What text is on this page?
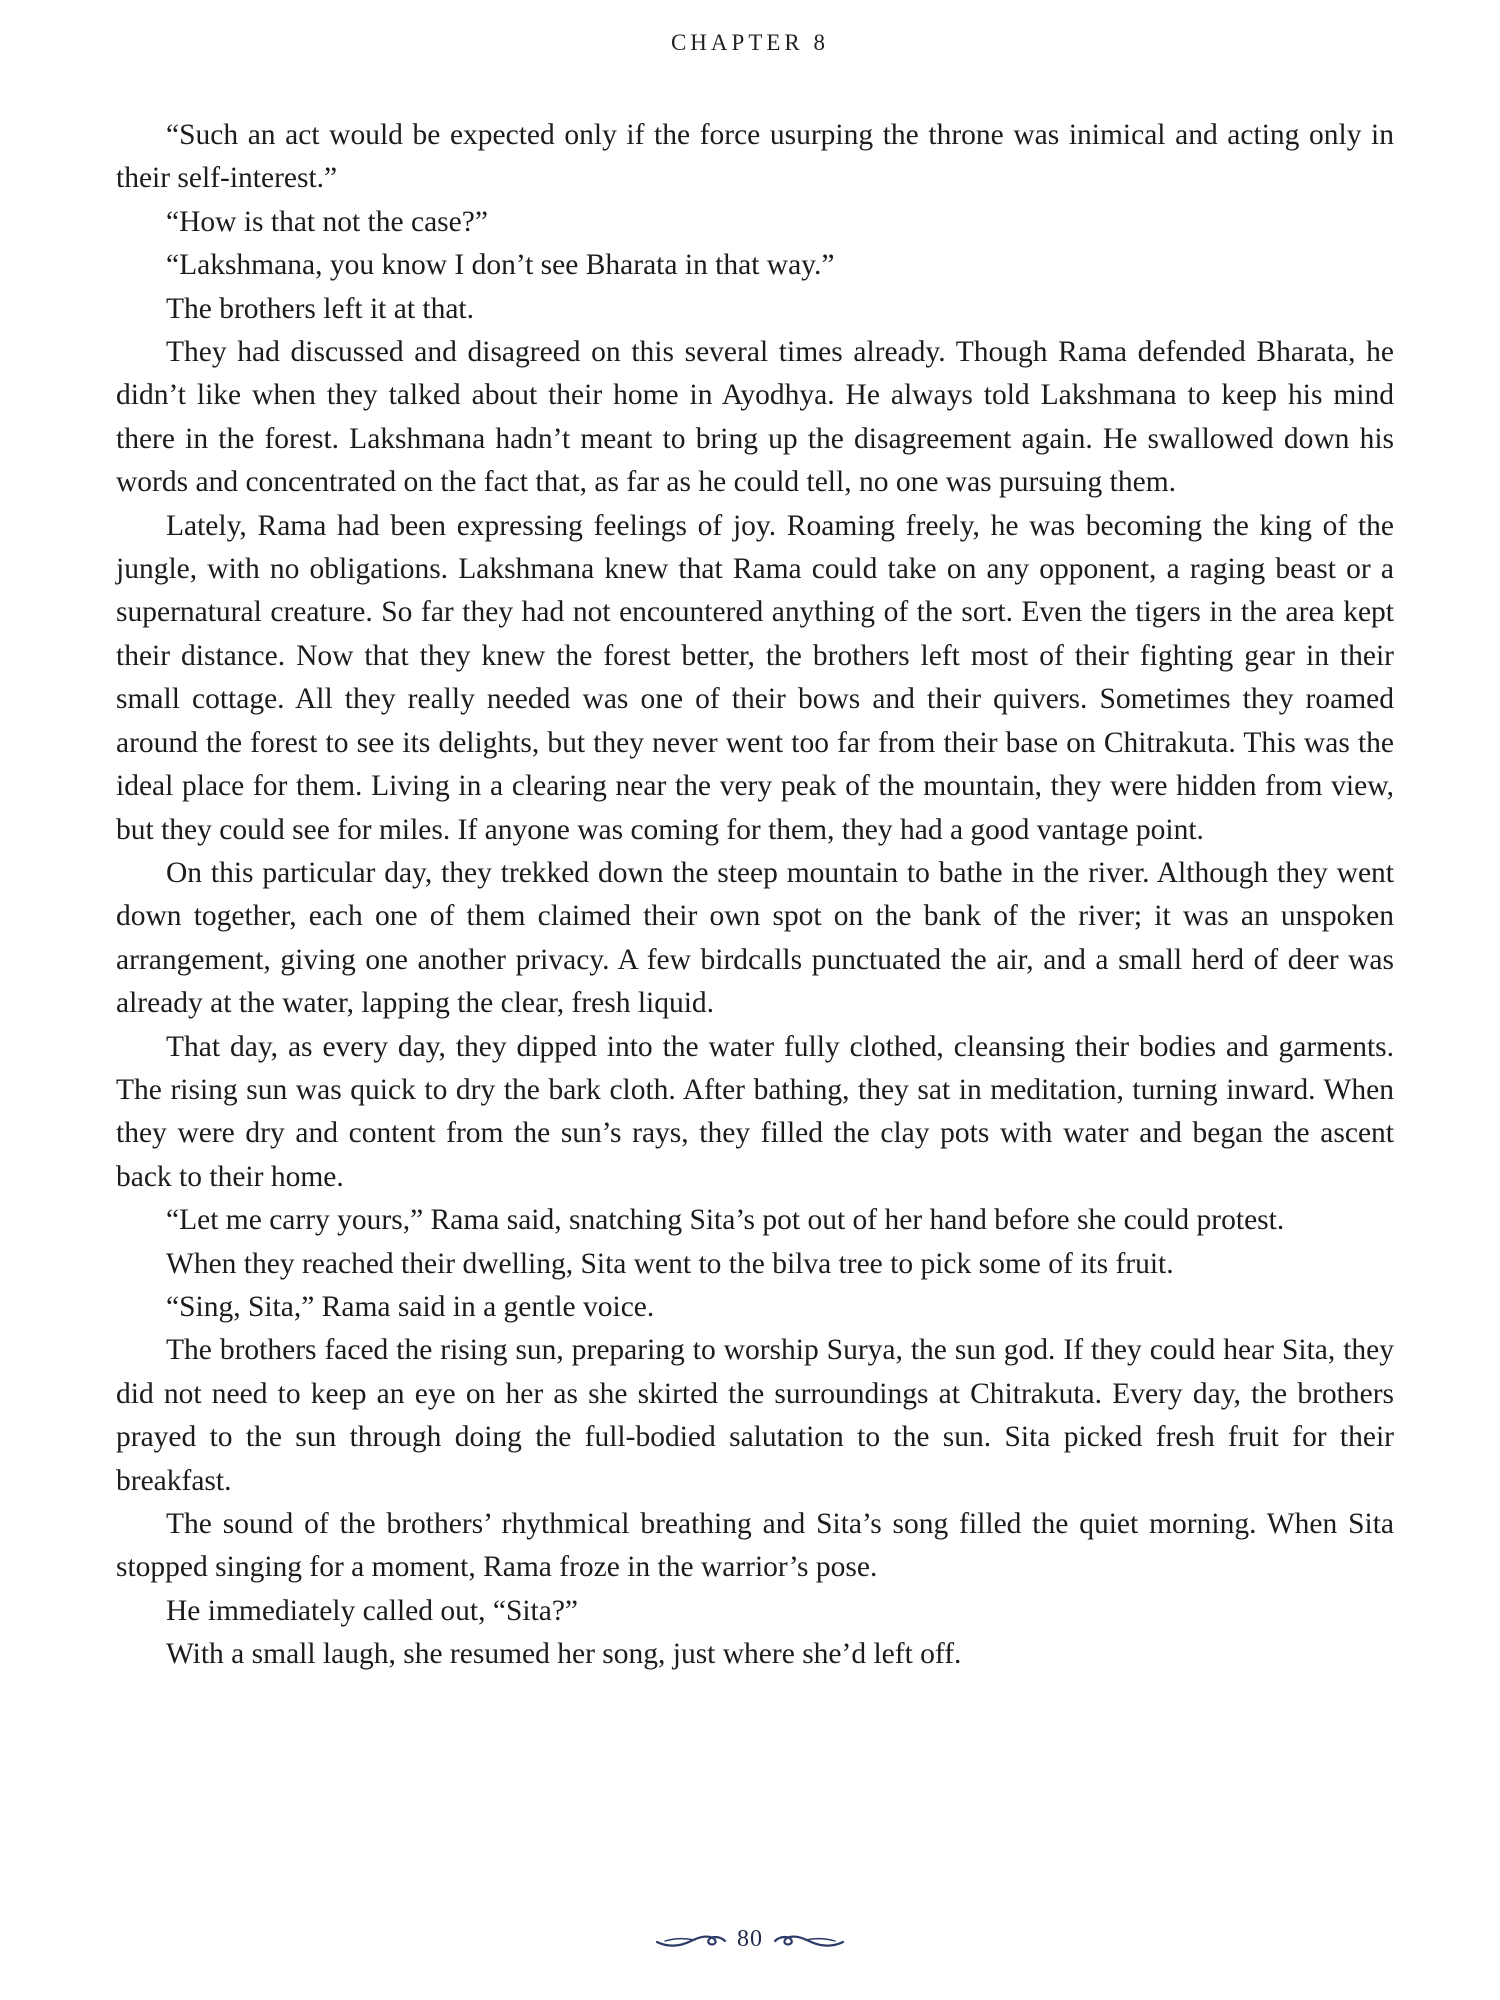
CHAPTER 8

“Such an act would be expected only if the force usurping the throne was inimical and acting only in their self-interest.”

“How is that not the case?”

“Lakshmana, you know I don’t see Bharata in that way.”

The brothers left it at that.

They had discussed and disagreed on this several times already. Though Rama defended Bharata, he didn’t like when they talked about their home in Ayodhya. He always told Lakshmana to keep his mind there in the forest. Lakshmana hadn’t meant to bring up the disagreement again. He swallowed down his words and concentrated on the fact that, as far as he could tell, no one was pursuing them.

Lately, Rama had been expressing feelings of joy. Roaming freely, he was becoming the king of the jungle, with no obligations. Lakshmana knew that Rama could take on any opponent, a raging beast or a supernatural creature. So far they had not encountered anything of the sort. Even the tigers in the area kept their distance. Now that they knew the forest better, the brothers left most of their fighting gear in their small cottage. All they really needed was one of their bows and their quivers. Sometimes they roamed around the forest to see its delights, but they never went too far from their base on Chitrakuta. This was the ideal place for them. Living in a clearing near the very peak of the mountain, they were hidden from view, but they could see for miles. If anyone was coming for them, they had a good vantage point.

On this particular day, they trekked down the steep mountain to bathe in the river. Although they went down together, each one of them claimed their own spot on the bank of the river; it was an unspoken arrangement, giving one another privacy. A few birdcalls punctuated the air, and a small herd of deer was already at the water, lapping the clear, fresh liquid.

That day, as every day, they dipped into the water fully clothed, cleansing their bodies and garments. The rising sun was quick to dry the bark cloth. After bathing, they sat in meditation, turning inward. When they were dry and content from the sun’s rays, they filled the clay pots with water and began the ascent back to their home.

“Let me carry yours,” Rama said, snatching Sita’s pot out of her hand before she could protest.

When they reached their dwelling, Sita went to the bilva tree to pick some of its fruit.

“Sing, Sita,” Rama said in a gentle voice.

The brothers faced the rising sun, preparing to worship Surya, the sun god. If they could hear Sita, they did not need to keep an eye on her as she skirted the surroundings at Chitrakuta. Every day, the brothers prayed to the sun through doing the full-bodied salutation to the sun. Sita picked fresh fruit for their breakfast.

The sound of the brothers’ rhythmical breathing and Sita’s song filled the quiet morning. When Sita stopped singing for a moment, Rama froze in the warrior’s pose.

He immediately called out, “Sita?”

With a small laugh, she resumed her song, just where she’d left off.

80
